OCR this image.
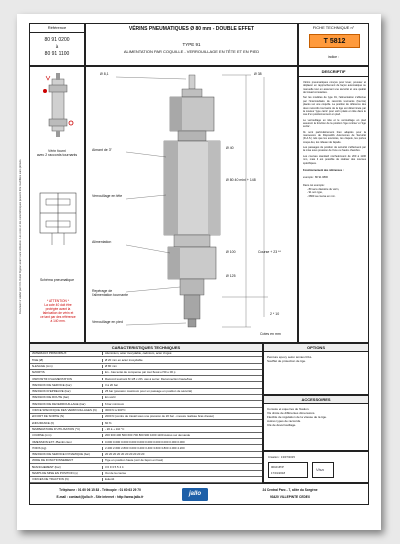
Référence
80 91 0200
à
80 91 1100
VÉRINS PNEUMATIQUES Ø 80 mm - DOUBLE EFFET
TYPE 91
ALIMENTATION PAR COQUILLE - VERROUILLAGE EN TÊTE ET EN PIED
FICHE TECHNIQUE n°
T 5812
indice :
Vérin fourni
avec 2 raccords tournants
Schéma pneumatique
* ATTENTION *
La cote 40 doit être
protégée avant la
fabrication de vérin et
ce tant par des référence
à 140 mm.
Document à valider par CCL Ratier Figeac avant toute utilisation. Les cotes et les caractéristiques peuvent être modifiées sans préavis.
Ø 8,1	Ø 38
Aimant de 3"
Verrouillage en tête
Ø 40
Ø 80 40 mini + 148
Alimentation
Ø 100	Course + 23 **
Ø 125
Repérage de
l'alimentation tournante
Verrouillage en pied
2 * 10
Cotes en mm
DESCRIPTIF

Vérins pneumatiques conçus pour lever, pousser et déplacer en rapprochement de façon automatique ou manuelle tout en assurant une sécurité et une qualité de travail constantes.

Sur les modèles de type 91, l'alimentation s'effectue par l'intermédiaire de raccords tournants (fournis) placés sur une coquille. La position de référence des deux raccords tournants de la tige est déterminée par la couleur 'type carré' pour vérin placé en tête dans le cas d'un positionnement en pied.

Le verrouillage en tête et le verrouillage en pied assurent la fonction de la position 'tige rentrée' et 'tige sortie'.

Ils sont particulièrement bien adaptés pour la manoeuvre de Dispositifs Autonomes de Sécurité (D.A.S.) tels que les exutoires, les clapets, les portes coupe-feu, les rideaux de façade.

Les passages de position de sécurité s'effectuent par la mise sous pression de l'une ou l'autre chambre.

Les courses standard s'échelonnent de 200 à 1100 mm, mais il est possible de réaliser des courses spécifiques.

Fonctionnement des références :

exemple : 80 91 0800

Dans cet exemple :

- 80 sa le diamètre du vérin,

- 91 son type,

- 0800 sa course en mm.

CARACTERISTIQUES TECHNIQUES
MATERIAUX PRINCIPAUX	Aluminium, acier inoxydable, cadmium, acier zingué
TIGE (Ø)	Ø 20 mm en acier inoxydable
ALESAGE (mm)	Ø 80 mm
AMORTIS	En - bas tenté de compense par tout flexat el 50 e 00 p
DISPOSITIF D'ALIMENTATION	Raccord tournant M 1/8 x 20), usé à serrer, Déconnection haute/bas
PRESSION DE SERVICE (bar)	3 à 20 bar
PRESSION D'EPREUVE (bar)	25 bar (pression maximum pour un passage en position de sécurité)
PRESSION DE ROUTE (bar)	En sortir
PRESSION DE DEVERROUILLAGE (bar)	6 bar minimum
FORCE SPECIFIQUE DES VERROUILLAGES (N)	3000 N à 300°C
EFFORT DE SORTIE (N)	2000 N (contre de travail sous une pression de 20 bar - mesure réalisée bras dressé)
ENDURANCE (h)	60 %
TEMPERATURE D'UTILISATION (°C)	- 20 à + 110 °C
COURSE (mm)	200 300 400 500 600 700 800 900 1000 1100 Autres sur demande
DIMENSION EXT. (Bambi cles)	0.000 0.000 0.000 0.000 0.000 0.000 0.000 0.000 0.000 0.000
POIDS (kg)	2.400 2.600 2.800 3.000 3.200 3.400 3.600 3.800 4.000 4.200
PRESSION DE SERVICE DYNAMIQUE (bar)	20 20 20 20 20 20 20 20 20 20
MODE DE FONCTIONNEMENT	Tige en position haute (voir de façon en haut)
BRANCHEMENT (bar)	3 6 9 3 5 5 4 4
TEMPS DE MISE EN POSITION (s)	Oui de la course
FORCES DE TRACTION (N)	Eulerdt
OPTIONS
Peinture époxy selon teintes RAL.
Soufflet de protection de tige.
ACCESSOIRES
Console et équerres de fixation.
Vis droite de différentes dimensions.
Flexible de régulation de la vitesse de la tige.
Autres types de raccords.
Clé de déverrouillage.
Création : 13/07/2015
0010/JP/P
17/01/2018
Visa
Téléphone : 01 60 06 15 83 - Télécopie : 01 60 63 29 70
E-mail : contact@jallo.fr - Site internet : http://www.jallo.fr	jallo
24 Central Parc - 7, allée du Sorgène
93420 VILLEPINTE CEDEX
